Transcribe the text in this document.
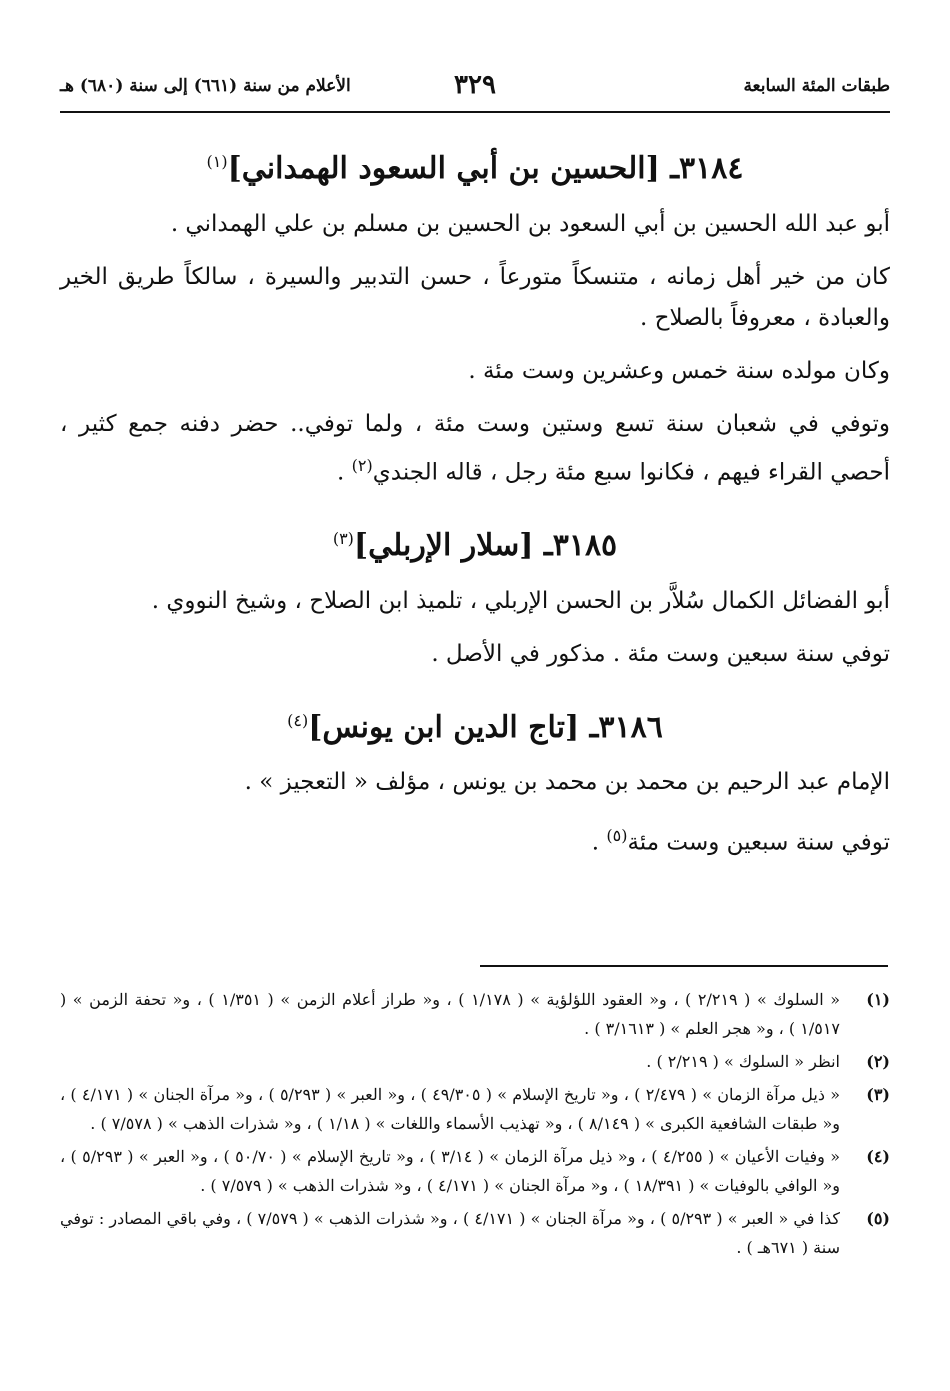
طبقات المئة السابعة
٣٢٩
الأعلام من سنة (٦٦١) إلى سنة (٦٨٠) هـ
٣١٨٤ـ [الحسين بن أبي السعود الهمداني]$^{(١)}$

أبو عبد الله الحسين بن أبي السعود بن الحسين بن مسلم بن علي الهمداني .

كان من خير أهل زمانه ، متنسكاً متورعاً ، حسن التدبير والسيرة ، سالكاً طريق الخير والعبادة ، معروفاً بالصلاح .

وكان مولده سنة خمس وعشرين وست مئة .

وتوفي في شعبان سنة تسع وستين وست مئة ، ولما توفي.. حضر دفنه جمع كثير ، أحصي القراء فيهم ، فكانوا سبع مئة رجل ، قاله الجندي$^{(٢)}$ .

٣١٨٥ـ [سلار الإربلي]$^{(٣)}$

أبو الفضائل الكمال سُلاَّر بن الحسن الإربلي ، تلميذ ابن الصلاح ، وشيخ النووي .

توفي سنة سبعين وست مئة . مذكور في الأصل .

٣١٨٦ـ [تاج الدين ابن يونس]$^{(٤)}$

الإمام عبد الرحيم بن محمد بن محمد بن يونس ، مؤلف « التعجيز » .

توفي سنة سبعين وست مئة$^{(٥)}$ .

(١)
« السلوك » ( ٢/٢١٩ ) ، و« العقود اللؤلؤية » ( ١/١٧٨ ) ، و« طراز أعلام الزمن » ( ١/٣٥١ ) ، و« تحفة الزمن » ( ١/٥١٧ ) ، و« هجر العلم » ( ٣/١٦١٣ ) .
(٢)
انظر « السلوك » ( ٢/٢١٩ ) .
(٣)
« ذيل مرآة الزمان » ( ٢/٤٧٩ ) ، و« تاريخ الإسلام » ( ٤٩/٣٠٥ ) ، و« العبر » ( ٥/٢٩٣ ) ، و« مرآة الجنان » ( ٤/١٧١ ) ، و« طبقات الشافعية الكبرى » ( ٨/١٤٩ ) ، و« تهذيب الأسماء واللغات » ( ١/١٨ ) ، و« شذرات الذهب » ( ٧/٥٧٨ ) .
(٤)
« وفيات الأعيان » ( ٤/٢٥٥ ) ، و« ذيل مرآة الزمان » ( ٣/١٤ ) ، و« تاريخ الإسلام » ( ٥٠/٧٠ ) ، و« العبر » ( ٥/٢٩٣ ) ، و« الوافي بالوفيات » ( ١٨/٣٩١ ) ، و« مرآة الجنان » ( ٤/١٧١ ) ، و« شذرات الذهب » ( ٧/٥٧٩ ) .
(٥)
كذا في « العبر » ( ٥/٢٩٣ ) ، و« مرآة الجنان » ( ٤/١٧١ ) ، و« شذرات الذهب » ( ٧/٥٧٩ ) ، وفي باقي المصادر : توفي سنة ( ٦٧١هـ ) .
